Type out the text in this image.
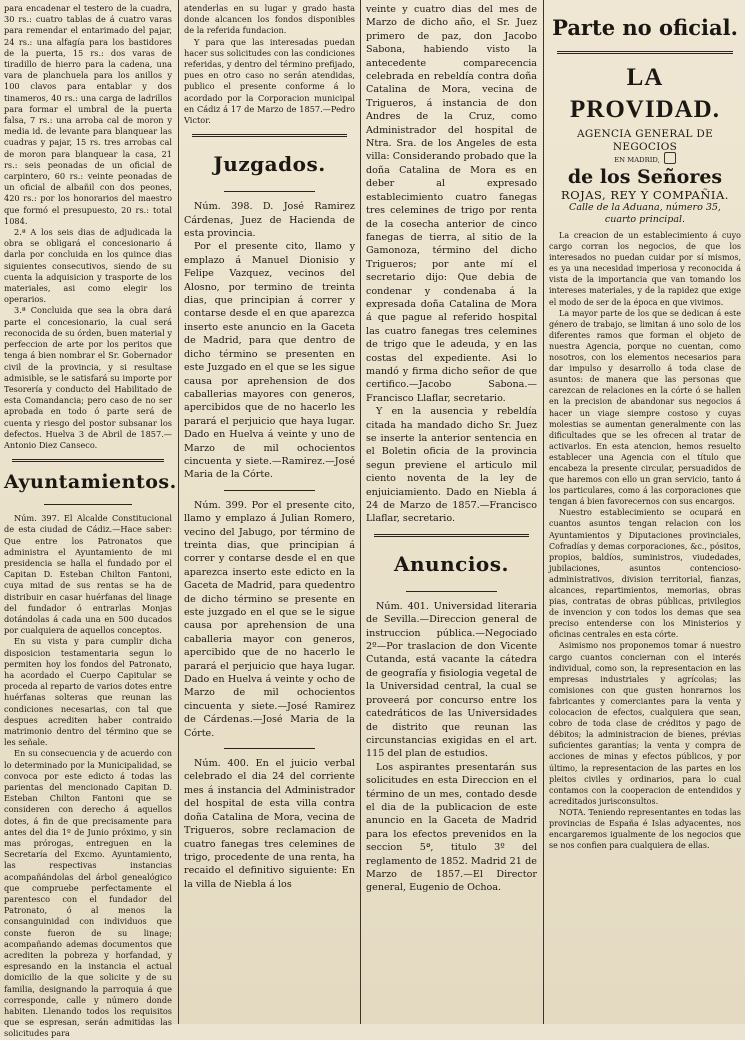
para encadenar el testero de la cuadra, 30 rs.: cuatro tablas de á cuatro varas para remendar el entarimado del pajar, 24 rs.: una alfagía para los bastidores de la puerta, 15 rs.: dos varas de tiradillo de hierro para la cadena, una vara de planchuela para los anillos y 100 clavos para entablar y dos tinameros, 40 rs.: una carga de ladrillos para formar el umbral de la puerta falsa, 7 rs.: una arroba cal de moron y media id. de levante para blanquear las cuadras y pajar, 15 rs. tres arrobas cal de moron para blanquear la casa, 21 rs.: seis peonadas de un oficial de carpintero, 60 rs.: veinte peonadas de un oficial de albañil con dos peones, 420 rs.: por los honorarios del maestro que formó el presupuesto, 20 rs.: total 1084.

2.ª A los seis dias de adjudicada la obra se obligará el concesionario á darla por concluida en los quince dias siguientes consecutivos, siendo de su cuenta la adquisicion y trasporte de los materiales, asi como elegir los operarios.

3.ª Concluida que sea la obra dará parte el concesionario, la cual será reconocida de su órden, buen material y perfeccion de arte por los peritos que tenga á bien nombrar el Sr. Gobernador civil de la provincia, y si resultase admisible, se le satisfará su importe por Tesorería y conducto del Habilitado de esta Comandancia; pero caso de no ser aprobada en todo ó parte será de cuenta y riesgo del postor subsanar los defectos. Huelva 3 de Abril de 1857.—Antonio Diez Canseco.

Ayuntamientos.

Núm. 397. El Alcalde Constitucional de esta ciudad de Cádiz.—Hace saber: Que entre los Patronatos que administra el Ayuntamiento de mi presidencia se halla el fundado por el Capitan D. Esteban Chilton Fantoni, cuya mitad de sus rentas se ha de distribuir en casar huérfanas del linage del fundador ó entrarlas Monjas dotándolas á cada una en 500 ducados por cualquiera de aquellos conceptos.

En su vista y para cumplir dicha disposicion testamentaria segun lo permiten hoy los fondos del Patronato, ha acordado el Cuerpo Capitular se proceda al reparto de varios dotes entre huérfanas solteras que reunan las condiciones necesarias, con tal que despues acrediten haber contraido matrimonio dentro del término que se les señale.

En su consecuencia y de acuerdo con lo determinado por la Municipalidad, se convoca por este edicto á todas las parientas del mencionado Capitan D. Esteban Chilton Fantoni que se consideren con derecho á aquellos dotes, á fin de que precisamente para antes del dia 1º de Junio próximo, y sin mas prórogas, entreguen en la Secretaría del Excmo. Ayuntamiento, las respectivas instancias acompañándolas del árbol genealógico que compruebe perfectamente el parentesco con el fundador del Patronato, ó al menos la consanguinidad con individuos que conste fueron de su linage; acompañando ademas documentos que acrediten la pobreza y horfandad, y espresando en la instancia el actual domicilio de la que solicite y de su familia, designando la parroquia á que corresponde, calle y número donde habiten. Llenando todos los requisitos que se espresan, serán admitidas las solicitudes para

atenderlas en su lugar y grado hasta donde alcancen los fondos disponibles de la referida fundacion.

Y para que las interesadas puedan hacer sus solicitudes con las condiciones referidas, y dentro del término prefijado, pues en otro caso no serán atendidas, publico el presente conforme á lo acordado por la Corporacion municipal en Cádiz á 17 de Marzo de 1857.—Pedro Victor.

Juzgados.

Núm. 398. D. José Ramirez Cárdenas, Juez de Hacienda de esta provincia.

Por el presente cito, llamo y emplazo á Manuel Dionisio y Felipe Vazquez, vecinos del Alosno, por termino de treinta dias, que principian á correr y contarse desde el en que aparezca inserto este anuncio en la Gaceta de Madrid, para que dentro de dicho término se presenten en este Juzgado en el que se les sigue causa por aprehension de dos caballerias mayores con generos, apercibidos que de no hacerlo les parará el perjuicio que haya lugar. Dado en Huelva á veinte y uno de Marzo de mil ochocientos cincuenta y siete.—Ramirez.—José Maria de la Córte.

Núm. 399. Por el presente cito, llamo y emplazo á Julian Romero, vecino del Jabugo, por término de treinta dias, que principian á correr y contarse desde el en que aparezca inserto este edicto en la Gaceta de Madrid, para quedentro de dicho término se presente en este juzgado en el que se le sigue causa por aprehension de una caballeria mayor con generos, apercibido que de no hacerlo le parará el perjuicio que haya lugar. Dado en Huelva á veinte y ocho de Marzo de mil ochocientos cincuenta y siete.—José Ramirez de Cárdenas.—José Maria de la Córte.

Núm. 400. En el juicio verbal celebrado el dia 24 del corriente mes á instancia del Administrador del hospital de esta villa contra doña Catalina de Mora, vecina de Trigueros, sobre reclamacion de cuatro fanegas tres celemines de trigo, procedente de una renta, ha recaido el definitivo siguiente: En la villa de Niebla á los

veinte y cuatro dias del mes de Marzo de dicho año, el Sr. Juez primero de paz, don Jacobo Sabona, habiendo visto la antecedente comparecencia celebrada en rebeldía contra doña Catalina de Mora, vecina de Trigueros, á instancia de don Andres de la Cruz, como Administrador del hospital de Ntra. Sra. de los Angeles de esta villa: Considerando probado que la doña Catalina de Mora es en deber al expresado establecimiento cuatro fanegas tres celemines de trigo por renta de la cosecha anterior de cinco fanegas de tierra, al sitio de la Gamonoza, término del dicho Trigueros; por ante mí el secretario dijo: Que debia de condenar y condenaba á la expresada doña Catalina de Mora á que pague al referido hospital las cuatro fanegas tres celemines de trigo que le adeuda, y en las costas del expediente. Asi lo mandó y firma dicho señor de que certifico.—Jacobo Sabona.—Francisco Llaflar, secretario.

Y en la ausencia y rebeldía citada ha mandado dicho Sr. Juez se inserte la anterior sentencia en el Boletin oficia de la provincia segun previene el articulo mil ciento noventa de la ley de enjuiciamiento. Dado en Niebla á 24 de Marzo de 1857.—Francisco Llaflar, secretario.

Anuncios.

Núm. 401. Universidad literaria de Sevilla.—Direccion general de instruccion pública.—Negociado 2º—Por traslacion de don Vicente Cutanda, está vacante la cátedra de geografía y fisiologia vegetal de la Universidad central, la cual se proveerá por concurso entre los catedráticos de las Universidades de distrito que reunan las circunstancias exigidas en el art. 115 del plan de estudios.

Los aspirantes presentarán sus solicitudes en esta Direccion en el término de un mes, contado desde el dia de la publicacion de este anuncio en la Gaceta de Madrid para los efectos prevenidos en la seccion 5ª, titulo 3º del reglamento de 1852. Madrid 21 de Marzo de 1857.—El Director general, Eugenio de Ochoa.

Parte no oficial.
LA PROVIDAD.
AGENCIA GENERAL DE NEGOCIOS
EN MADRID,
de los Señores
ROJAS, REY Y COMPAÑIA.
Calle de la Aduana, número 35,
cuarto principal.

La creacion de un establecimiento á cuyo cargo corran los negocios, de que los interesados no puedan cuidar por sí mismos, es ya una necesidad imperiosa y reconocida á vista de la importancia que van tomando los intereses materiales, y de la rapidez que exige el modo de ser de la época en que vivimos.

La mayor parte de los que se dedican á este género de trabajo, se limitan á uno solo de los diferentes ramos que forman el objeto de nuestra Agencia, porque no cuentan, como nosotros, con los elementos necesarios para dar impulso y desarrollo á toda clase de asuntos: de manera que las personas que carezcan de relaciones en la córte ó se hallen en la precision de abandonar sus negocios á hacer un viage siempre costoso y cuyas molestias se aumentan generalmente con las dificultades que se les ofrecen al tratar de activarlos. En esta atencion, hemos resuelto establecer una Agencia con el título que encabeza la presente circular, persuadidos de que haremos con ello un gran servicio, tanto á los particulares, como á las corporaciones que tengan á bien favorecernos con sus encargos.

Nuestro establecimiento se ocupará en cuantos asuntos tengan relacion con los Ayuntamientos y Diputaciones provinciales, Cofradías y demas corporaciones, &c., pósitos, propios, baldíos, suministros, viudedades, jubilaciones, asuntos contencioso-administrativos, division territorial, fianzas, alcances, repartimientos, memorias, obras pias, contratas de obras públicas, privilegios de invencion y con todos los demas que sea preciso entenderse con los Ministerios y oficinas centrales en esta córte.

Asimismo nos proponemos tomar á nuestro cargo cuantos conciernan con el interés individual, como son, la representacion en las empresas industriales y agrícolas; las comisiones con que gusten honrarnos los fabricantes y comerciantes para la venta y colocacion de efectos, cualquiera que sean, cobro de toda clase de créditos y pago de débitos; la administracion de bienes, prévias suficientes garantías; la venta y compra de acciones de minas y efectos públicos, y por último, la representacion de las partes en los pleitos civiles y ordinarios, para lo cual contamos con la cooperacion de entendidos y acreditados jurisconsultos.

NOTA. Teniendo representantes en todas las provincias de España é Islas adyacentes, nos encargaremos igualmente de los negocios que se nos confien para cualquiera de ellas.
